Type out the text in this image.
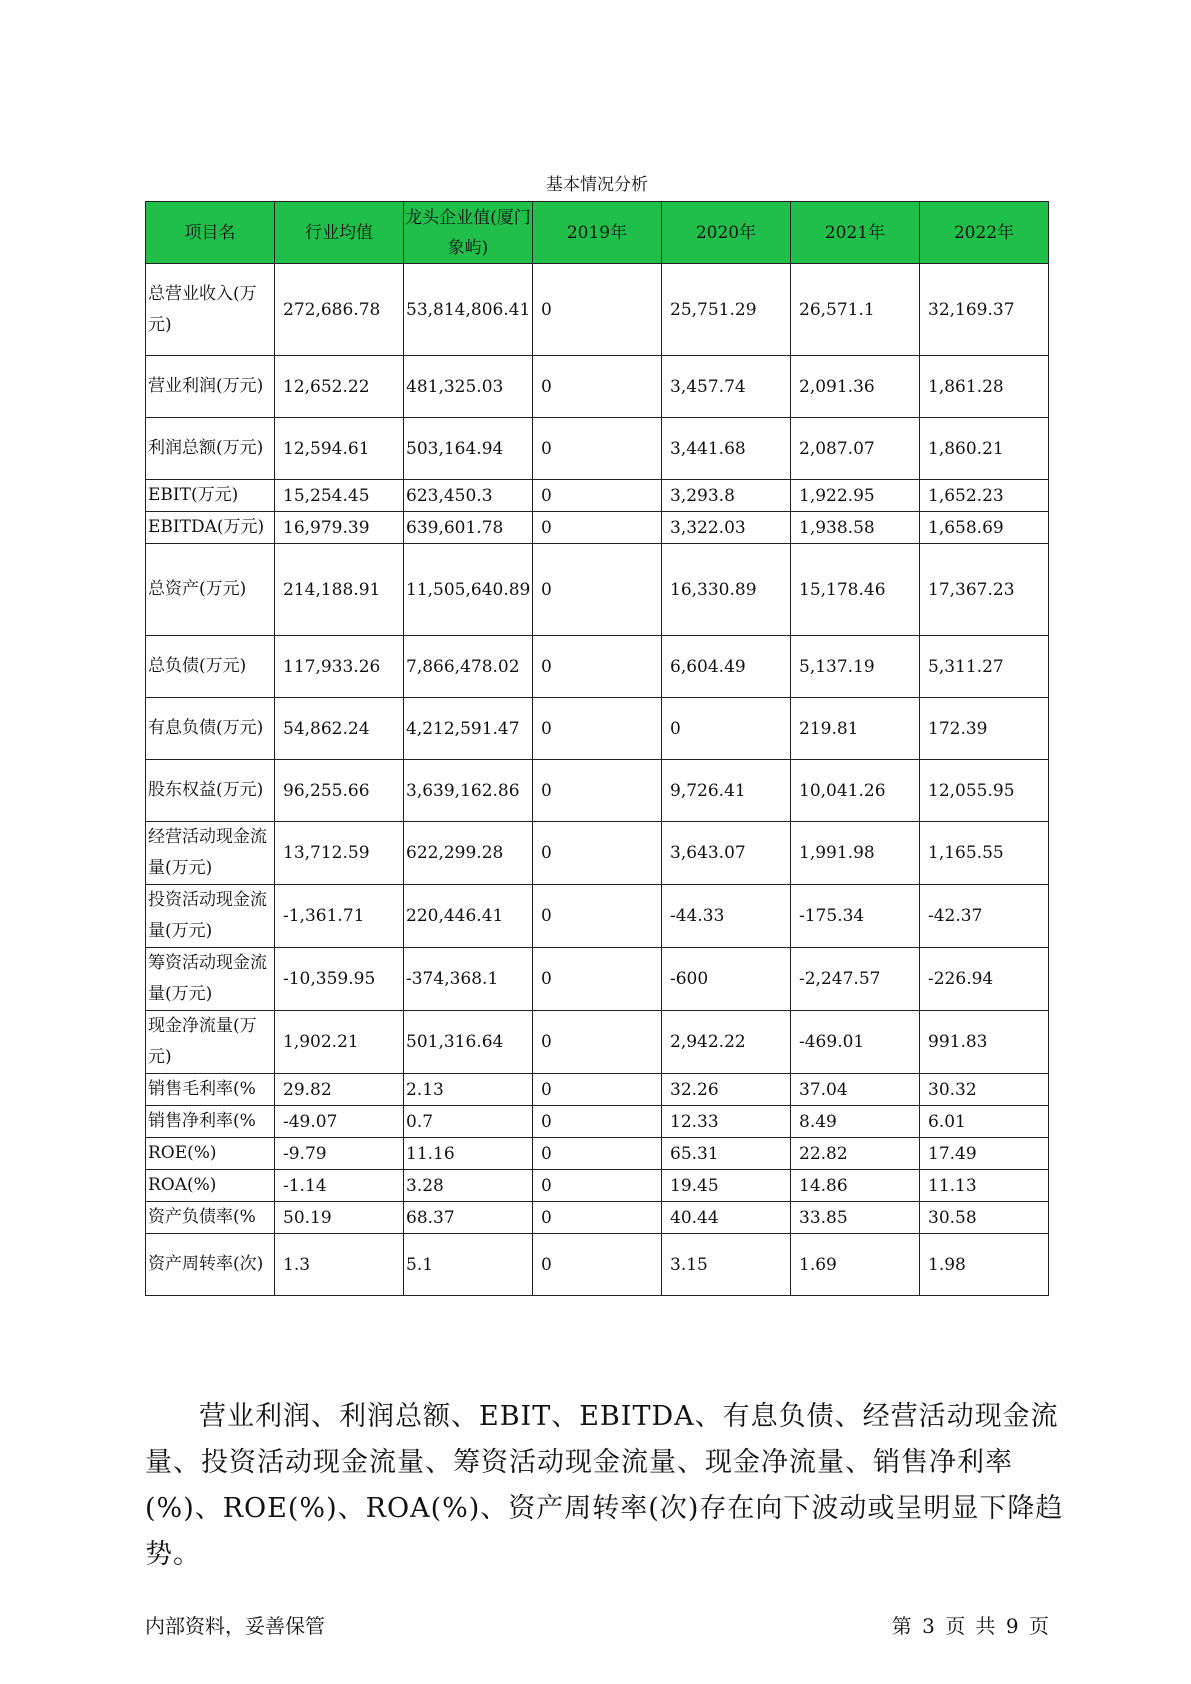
基本情况分析
项目名	行业均值	龙头企业值(厦门象屿)	2019年	2020年	2021年	2022年
总营业收入(万元)	272,686.78	53,814,806.41	0	25,751.29	26,571.1	32,169.37
营业利润(万元)	12,652.22	481,325.03	0	3,457.74	2,091.36	1,861.28
利润总额(万元)	12,594.61	503,164.94	0	3,441.68	2,087.07	1,860.21
EBIT(万元)	15,254.45	623,450.3	0	3,293.8	1,922.95	1,652.23
EBITDA(万元)	16,979.39	639,601.78	0	3,322.03	1,938.58	1,658.69
总资产(万元)	214,188.91	11,505,640.89	0	16,330.89	15,178.46	17,367.23
总负债(万元)	117,933.26	7,866,478.02	0	6,604.49	5,137.19	5,311.27
有息负债(万元)	54,862.24	4,212,591.47	0	0	219.81	172.39
股东权益(万元)	96,255.66	3,639,162.86	0	9,726.41	10,041.26	12,055.95
经营活动现金流量(万元)	13,712.59	622,299.28	0	3,643.07	1,991.98	1,165.55
投资活动现金流量(万元)	-1,361.71	220,446.41	0	-44.33	-175.34	-42.37
筹资活动现金流量(万元)	-10,359.95	-374,368.1	0	-600	-2,247.57	-226.94
现金净流量(万元)	1,902.21	501,316.64	0	2,942.22	-469.01	991.83
销售毛利率(%	29.82	2.13	0	32.26	37.04	30.32
销售净利率(%	-49.07	0.7	0	12.33	8.49	6.01
ROE(%)	-9.79	11.16	0	65.31	22.82	17.49
ROA(%)	-1.14	3.28	0	19.45	14.86	11.13
资产负债率(%	50.19	68.37	0	40.44	33.85	30.58
资产周转率(次)	1.3	5.1	0	3.15	1.69	1.98
营业利润、利润总额、EBIT、EBITDA、有息负债、经营活动现金流量、投资活动现金流量、筹资活动现金流量、现金净流量、销售净利率(%)、ROE(%)、ROA(%)、资产周转率(次)存在向下波动或呈明显下降趋势。
内部资料，妥善保管	第 3 页 共 9 页
